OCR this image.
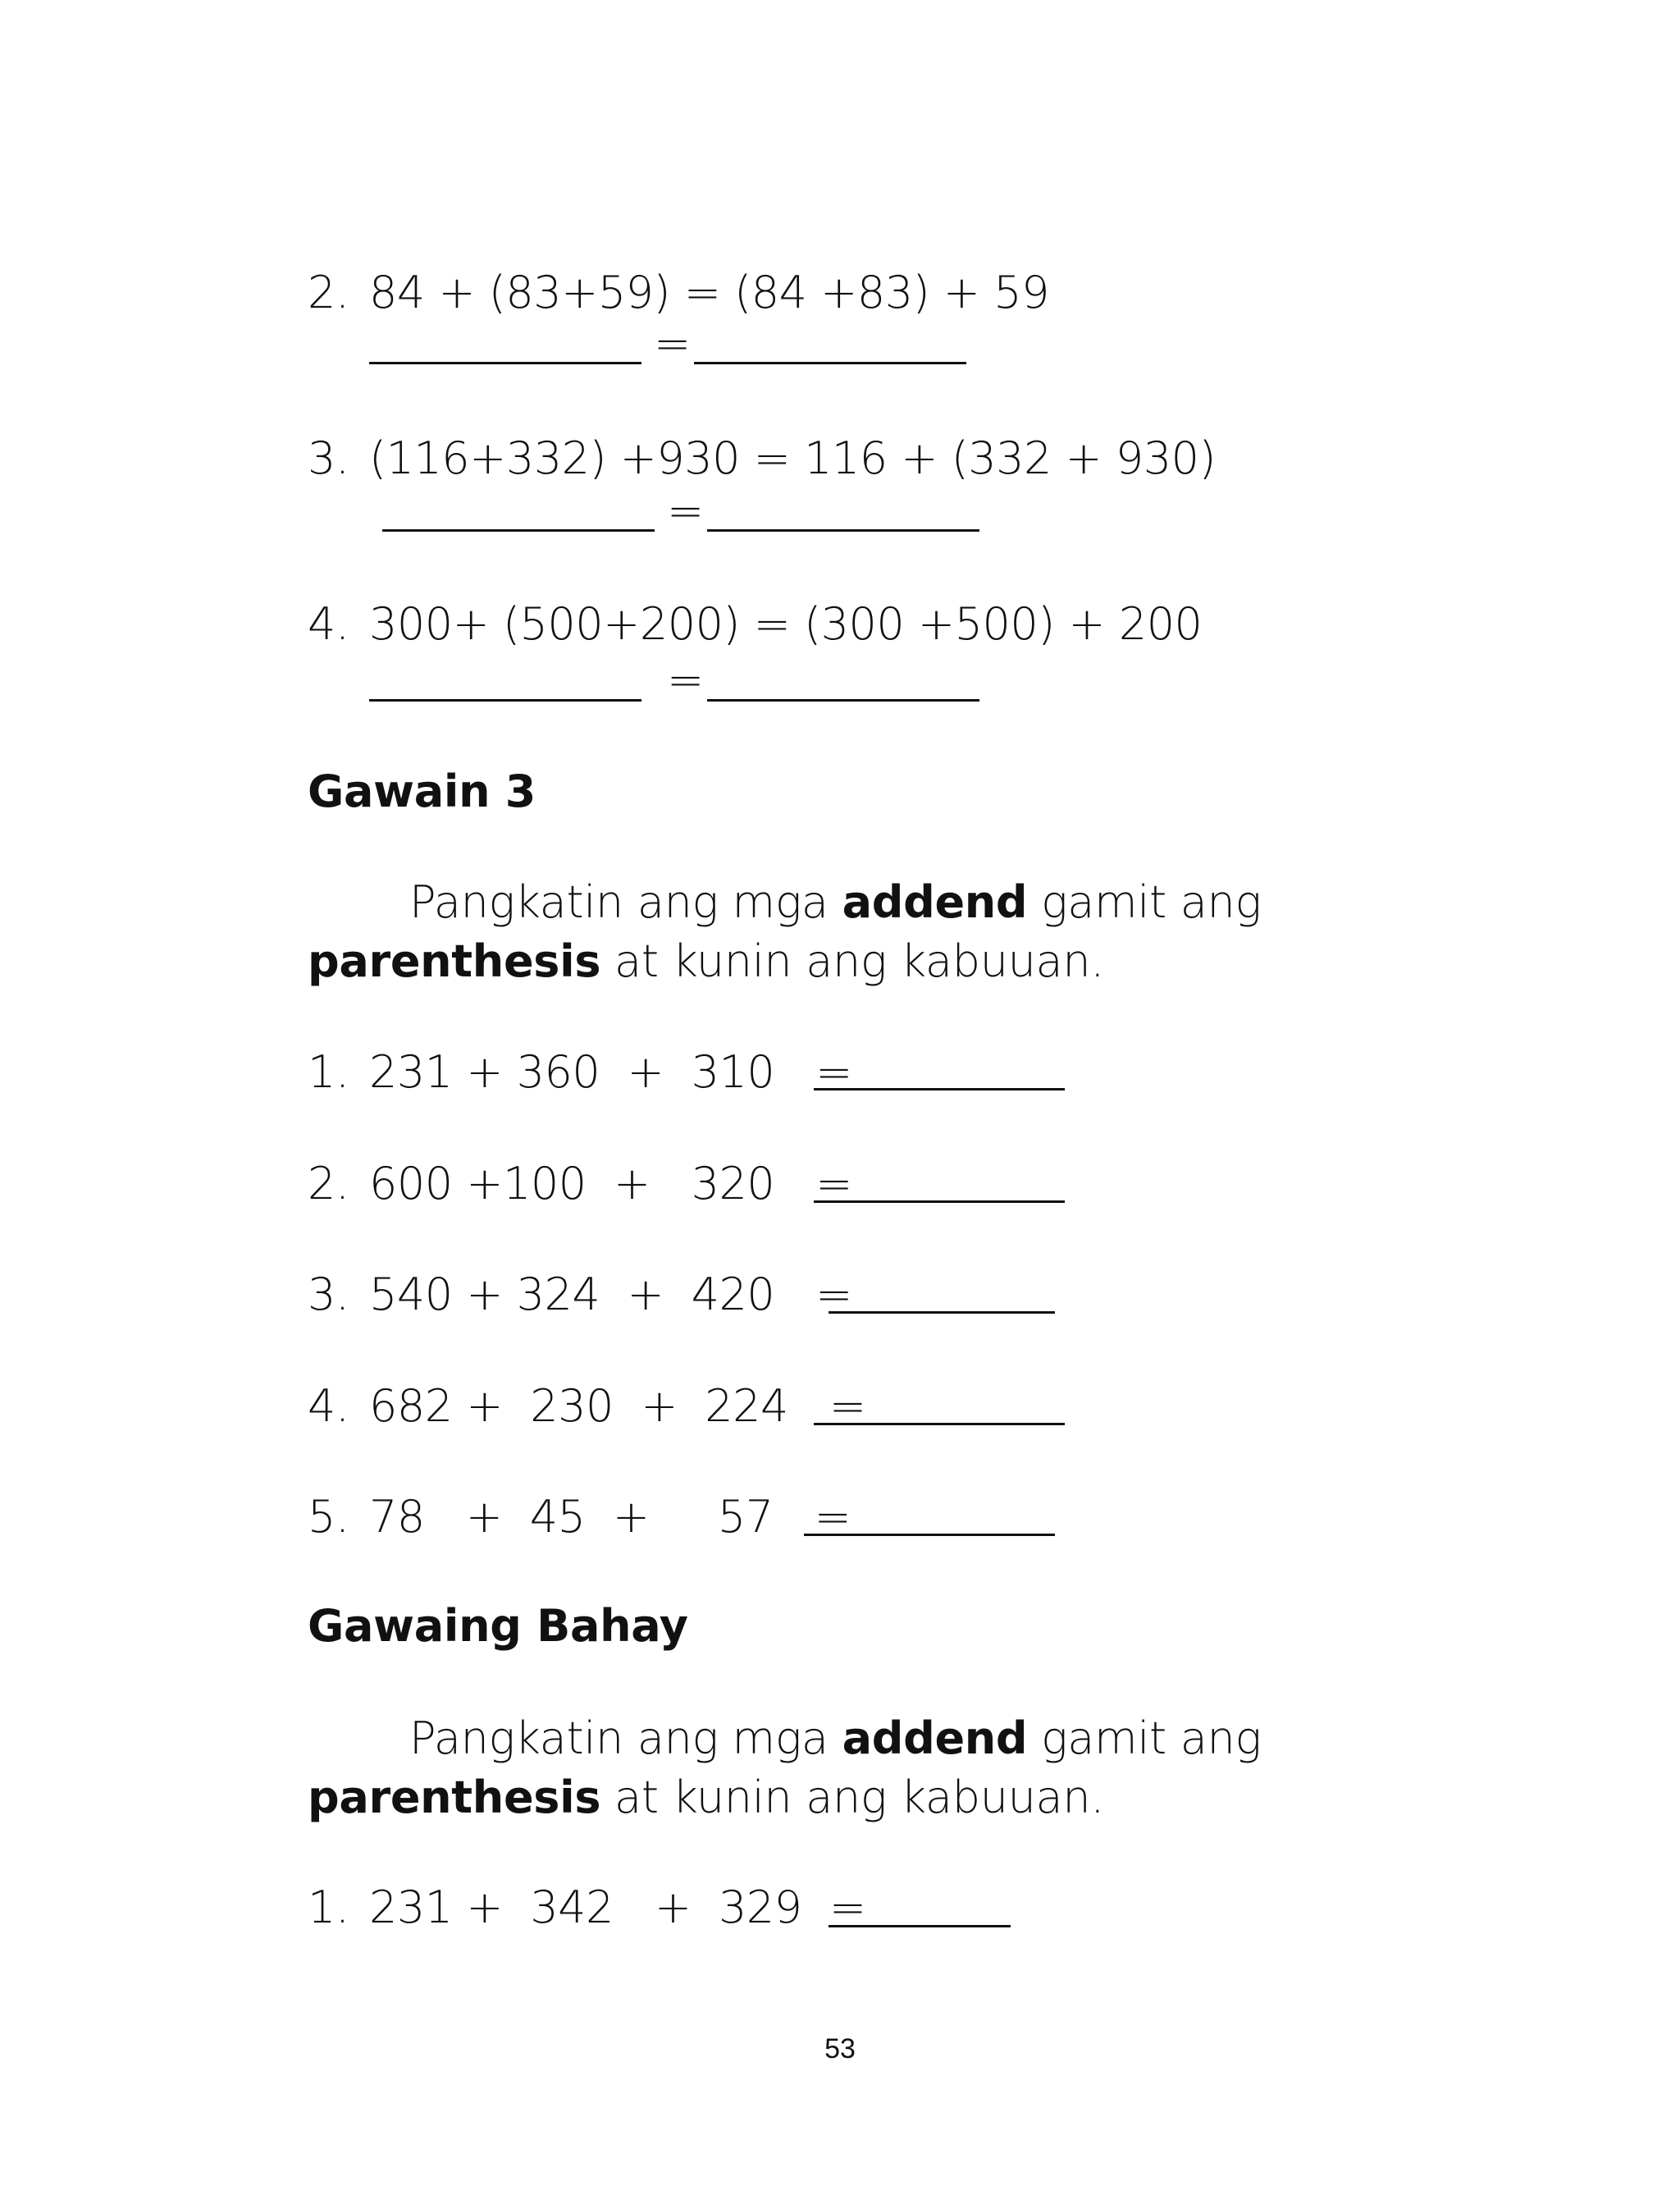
2. 84 + (83+59) = (84 +83) + 59
=
3. (116+332) +930 = 116 + (332 + 930)
=
4. 300+ (500+200) = (300 +500) + 200
=
Gawain 3
Pangkatin ang mga addend gamit ang parenthesis at kunin ang kabuuan.
1. 231 + 360  +  310   =
2. 600 +100  +   320   =
3. 540 + 324  +  420   =
4. 682 +  230  +  224   =
5. 78   +  45  +     57   =
Gawaing Bahay
Pangkatin ang mga addend gamit ang parenthesis at kunin ang kabuuan.
1. 231 +  342   +  329  =
53
